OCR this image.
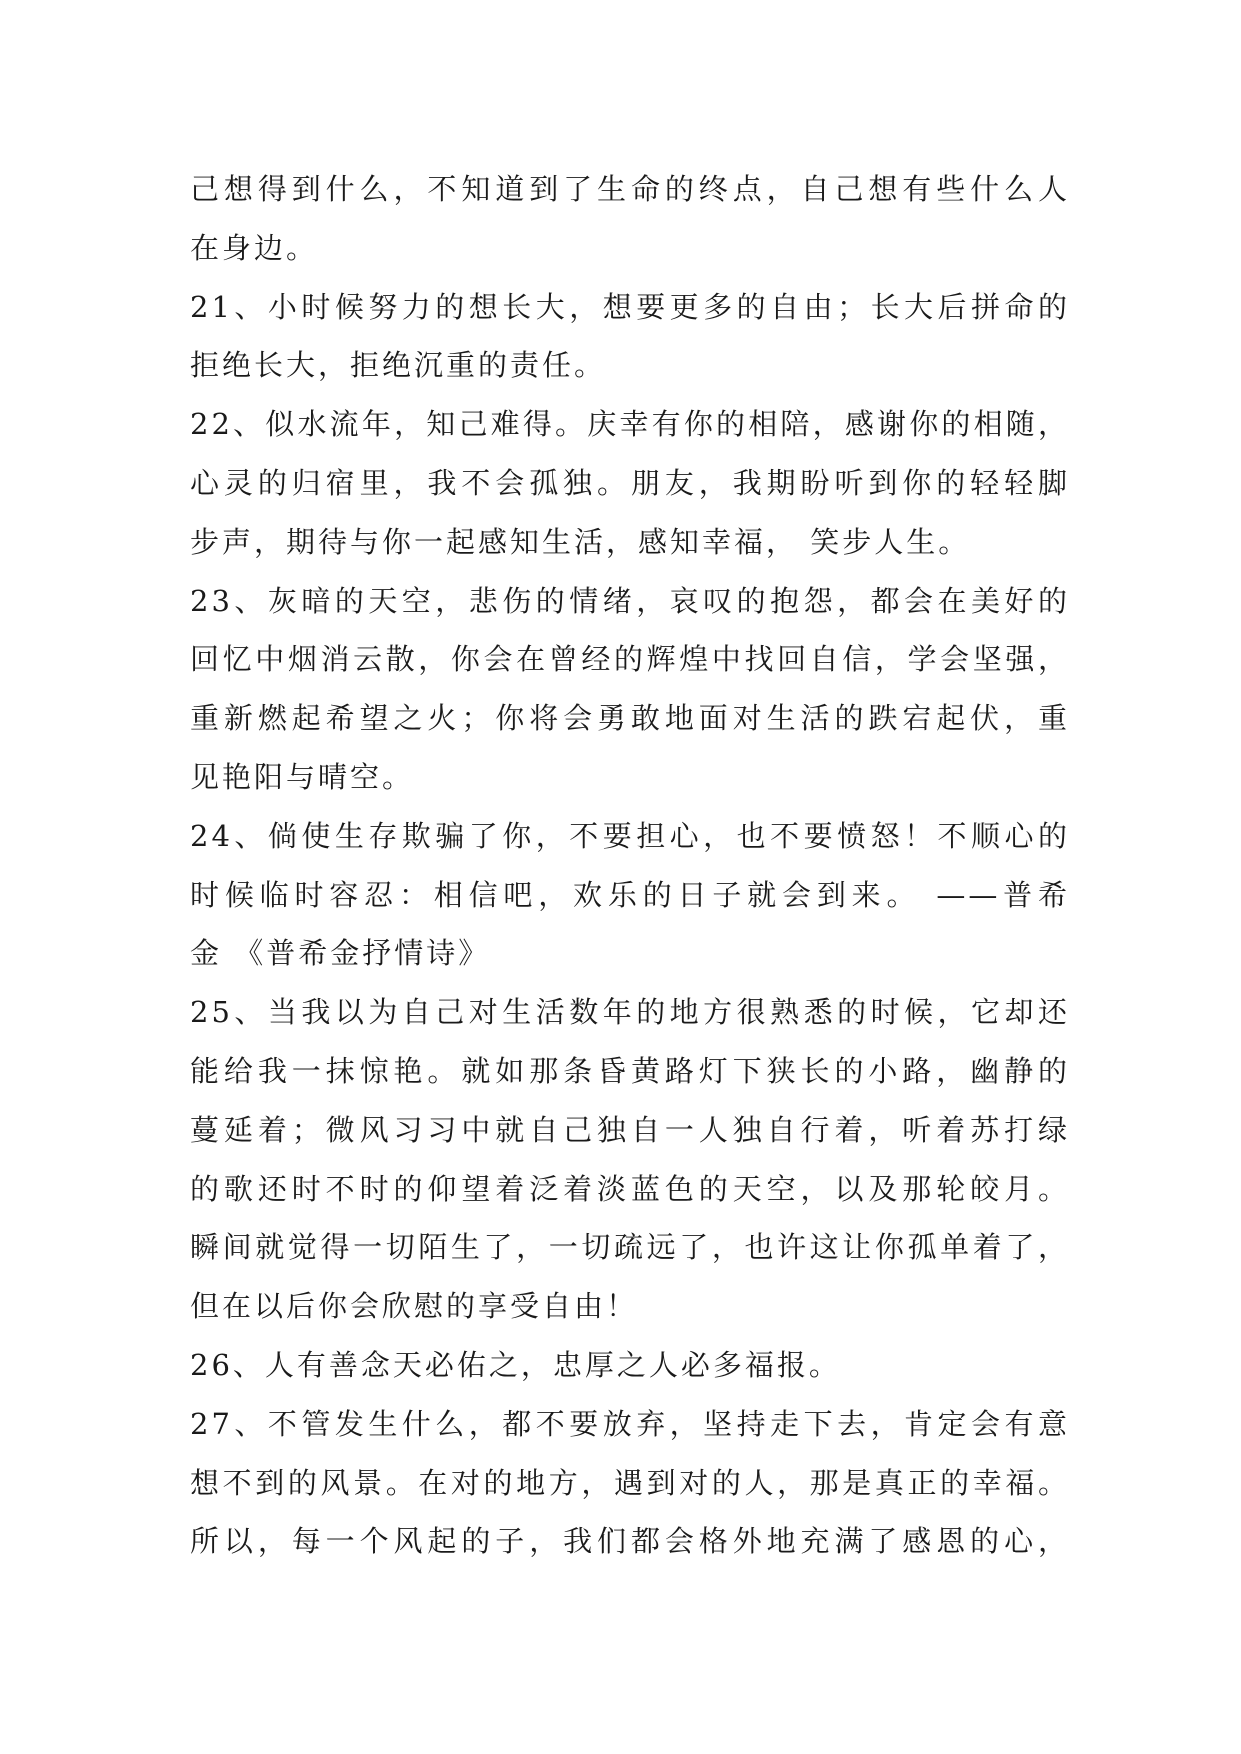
己想得到什么，不知道到了生命的终点，自己想有些什么人
在身边。
21、小时候努力的想长大，想要更多的自由；长大后拼命的
拒绝长大，拒绝沉重的责任。
22、似水流年，知己难得。庆幸有你的相陪，感谢你的相随，
心灵的归宿里，我不会孤独。朋友，我期盼听到你的轻轻脚
步声，期待与你一起感知生活，感知幸福， 笑步人生。
23、灰暗的天空，悲伤的情绪，哀叹的抱怨，都会在美好的
回忆中烟消云散，你会在曾经的辉煌中找回自信，学会坚强，
重新燃起希望之火；你将会勇敢地面对生活的跌宕起伏，重
见艳阳与晴空。
24、倘使生存欺骗了你，不要担心，也不要愤怒！不顺心的
时候临时容忍：相信吧，欢乐的日子就会到来。 ——普希
金 《普希金抒情诗》
25、当我以为自己对生活数年的地方很熟悉的时候，它却还
能给我一抹惊艳。就如那条昏黄路灯下狭长的小路，幽静的
蔓延着；微风习习中就自己独自一人独自行着，听着苏打绿
的歌还时不时的仰望着泛着淡蓝色的天空，以及那轮皎月。
瞬间就觉得一切陌生了，一切疏远了，也许这让你孤单着了，
但在以后你会欣慰的享受自由！
26、人有善念天必佑之，忠厚之人必多福报。
27、不管发生什么，都不要放弃，坚持走下去，肯定会有意
想不到的风景。在对的地方，遇到对的人，那是真正的幸福。
所以，每一个风起的子，我们都会格外地充满了感恩的心，
